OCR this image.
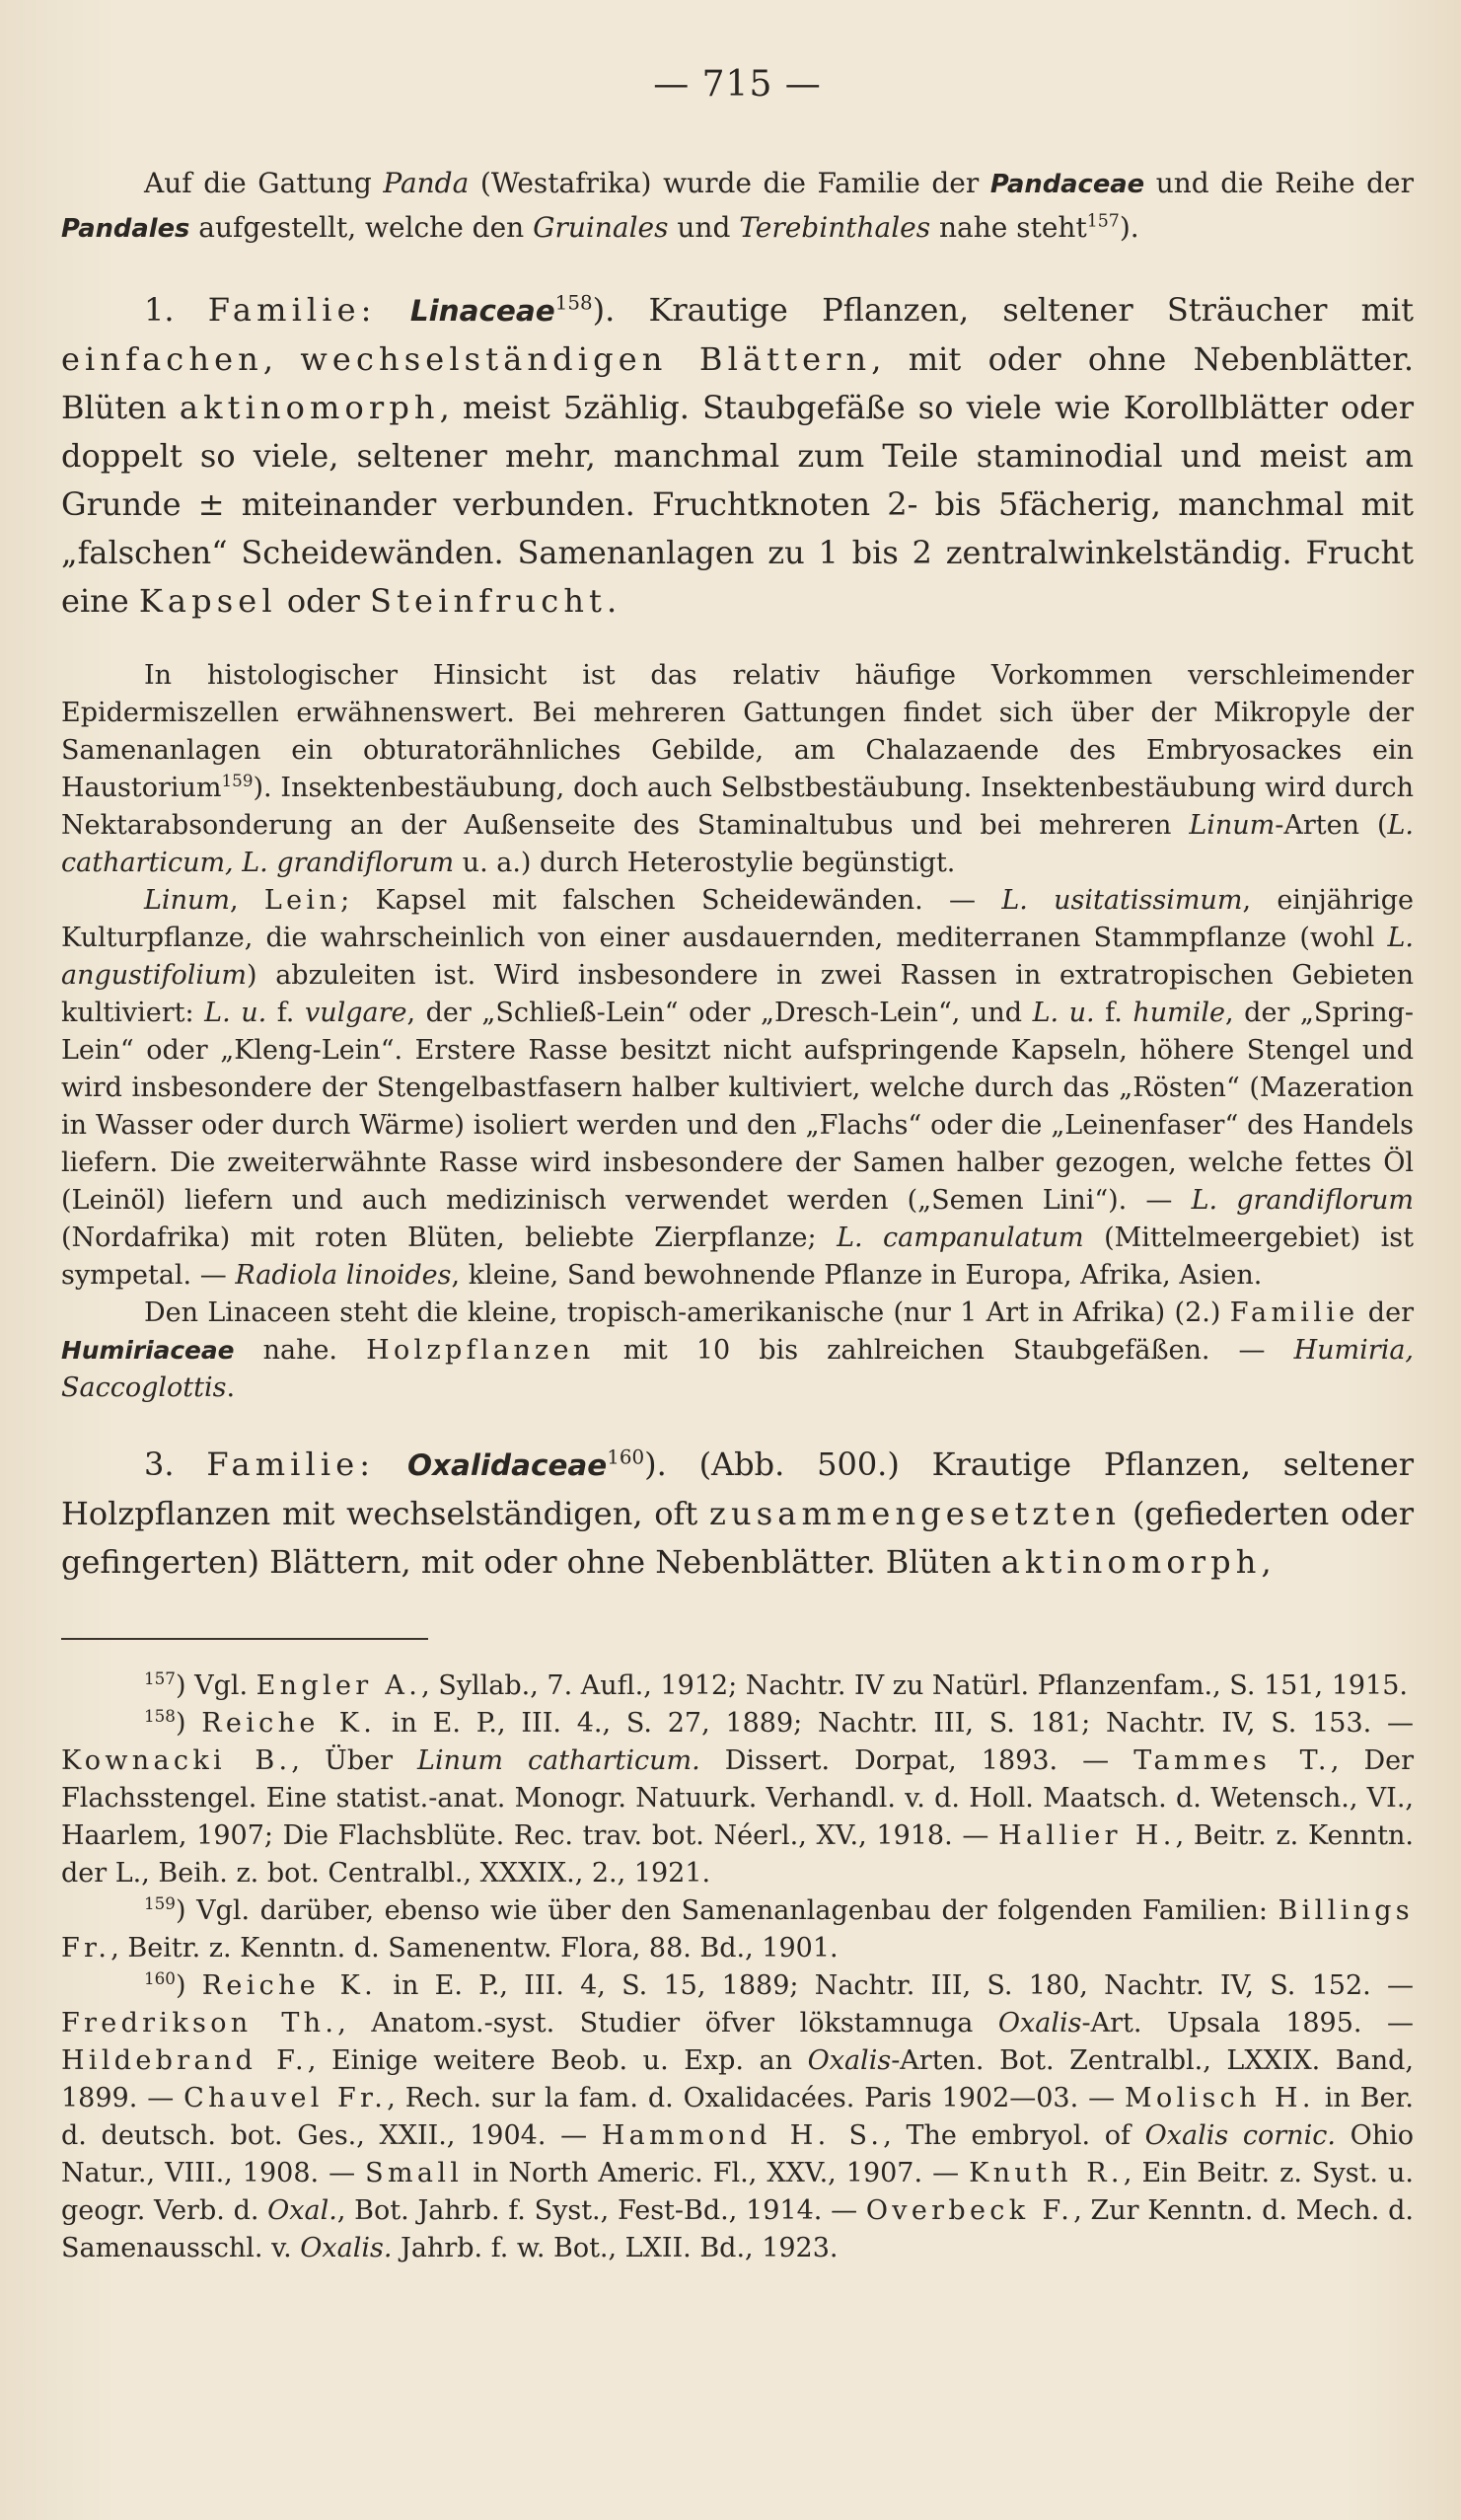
— 715 —

Auf die Gattung Panda (Westafrika) wurde die Familie der Pandaceae und die Reihe der Pandales aufgestellt, welche den Gruinales und Terebinthales nahe steht$^{157}$).

1. Familie: Linaceae$^{158}$). Krautige Pflanzen, seltener Sträucher mit einfachen, wechselständigen Blättern, mit oder ohne Nebenblätter. Blüten aktinomorph, meist 5zählig. Staubgefäße so viele wie Korollblätter oder doppelt so viele, seltener mehr, manchmal zum Teile staminodial und meist am Grunde ± miteinander verbunden. Fruchtknoten 2- bis 5fächerig, manchmal mit „falschen“ Scheidewänden. Samenanlagen zu 1 bis 2 zentralwinkelständig. Frucht eine Kapsel oder Steinfrucht.

In histologischer Hinsicht ist das relativ häufige Vorkommen verschleimender Epidermiszellen erwähnenswert. Bei mehreren Gattungen findet sich über der Mikropyle der Samenanlagen ein obturatorähnliches Gebilde, am Chalazaende des Embryosackes ein Haustorium$^{159}$). Insektenbestäubung, doch auch Selbstbestäubung. Insektenbestäubung wird durch Nektarabsonderung an der Außenseite des Staminaltubus und bei mehreren Linum-Arten (L. catharticum, L. grandiflorum u. a.) durch Heterostylie begünstigt.

Linum, Lein; Kapsel mit falschen Scheidewänden. — L. usitatissimum, einjährige Kulturpflanze, die wahrscheinlich von einer ausdauernden, mediterranen Stammpflanze (wohl L. angustifolium) abzuleiten ist. Wird insbesondere in zwei Rassen in extratropischen Gebieten kultiviert: L. u. f. vulgare, der „Schließ-Lein“ oder „Dresch-Lein“, und L. u. f. humile, der „Spring-Lein“ oder „Kleng-Lein“. Erstere Rasse besitzt nicht aufspringende Kapseln, höhere Stengel und wird insbesondere der Stengelbastfasern halber kultiviert, welche durch das „Rösten“ (Mazeration in Wasser oder durch Wärme) isoliert werden und den „Flachs“ oder die „Leinenfaser“ des Handels liefern. Die zweiterwähnte Rasse wird insbesondere der Samen halber gezogen, welche fettes Öl (Leinöl) liefern und auch medizinisch verwendet werden („Semen Lini“). — L. grandiflorum (Nordafrika) mit roten Blüten, beliebte Zierpflanze; L. campanulatum (Mittelmeergebiet) ist sympetal. — Radiola linoides, kleine, Sand bewohnende Pflanze in Europa, Afrika, Asien.

Den Linaceen steht die kleine, tropisch-amerikanische (nur 1 Art in Afrika) (2.) Familie der Humiriaceae nahe. Holzpflanzen mit 10 bis zahlreichen Staubgefäßen. — Humiria, Saccoglottis.

3. Familie: Oxalidaceae$^{160}$). (Abb. 500.) Krautige Pflanzen, seltener Holzpflanzen mit wechselständigen, oft zusammengesetzten (gefiederten oder gefingerten) Blättern, mit oder ohne Nebenblätter. Blüten aktinomorph,

$^{157}$) Vgl. Engler A., Syllab., 7. Aufl., 1912; Nachtr. IV zu Natürl. Pflanzenfam., S. 151, 1915.

$^{158}$) Reiche K. in E. P., III. 4., S. 27, 1889; Nachtr. III, S. 181; Nachtr. IV, S. 153. — Kownacki B., Über Linum catharticum. Dissert. Dorpat, 1893. — Tammes T., Der Flachsstengel. Eine statist.-anat. Monogr. Natuurk. Verhandl. v. d. Holl. Maatsch. d. Wetensch., VI., Haarlem, 1907; Die Flachsblüte. Rec. trav. bot. Néerl., XV., 1918. — Hallier H., Beitr. z. Kenntn. der L., Beih. z. bot. Centralbl., XXXIX., 2., 1921.

$^{159}$) Vgl. darüber, ebenso wie über den Samenanlagenbau der folgenden Familien: Billings Fr., Beitr. z. Kenntn. d. Samenentw. Flora, 88. Bd., 1901.

$^{160}$) Reiche K. in E. P., III. 4, S. 15, 1889; Nachtr. III, S. 180, Nachtr. IV, S. 152. — Fredrikson Th., Anatom.-syst. Studier öfver lökstamnuga Oxalis-Art. Upsala 1895. — Hildebrand F., Einige weitere Beob. u. Exp. an Oxalis-Arten. Bot. Zentralbl., LXXIX. Band, 1899. — Chauvel Fr., Rech. sur la fam. d. Oxalidacées. Paris 1902—03. — Molisch H. in Ber. d. deutsch. bot. Ges., XXII., 1904. — Hammond H. S., The embryol. of Oxalis cornic. Ohio Natur., VIII., 1908. — Small in North Americ. Fl., XXV., 1907. — Knuth R., Ein Beitr. z. Syst. u. geogr. Verb. d. Oxal., Bot. Jahrb. f. Syst., Fest-Bd., 1914. — Overbeck F., Zur Kenntn. d. Mech. d. Samenausschl. v. Oxalis. Jahrb. f. w. Bot., LXII. Bd., 1923.
